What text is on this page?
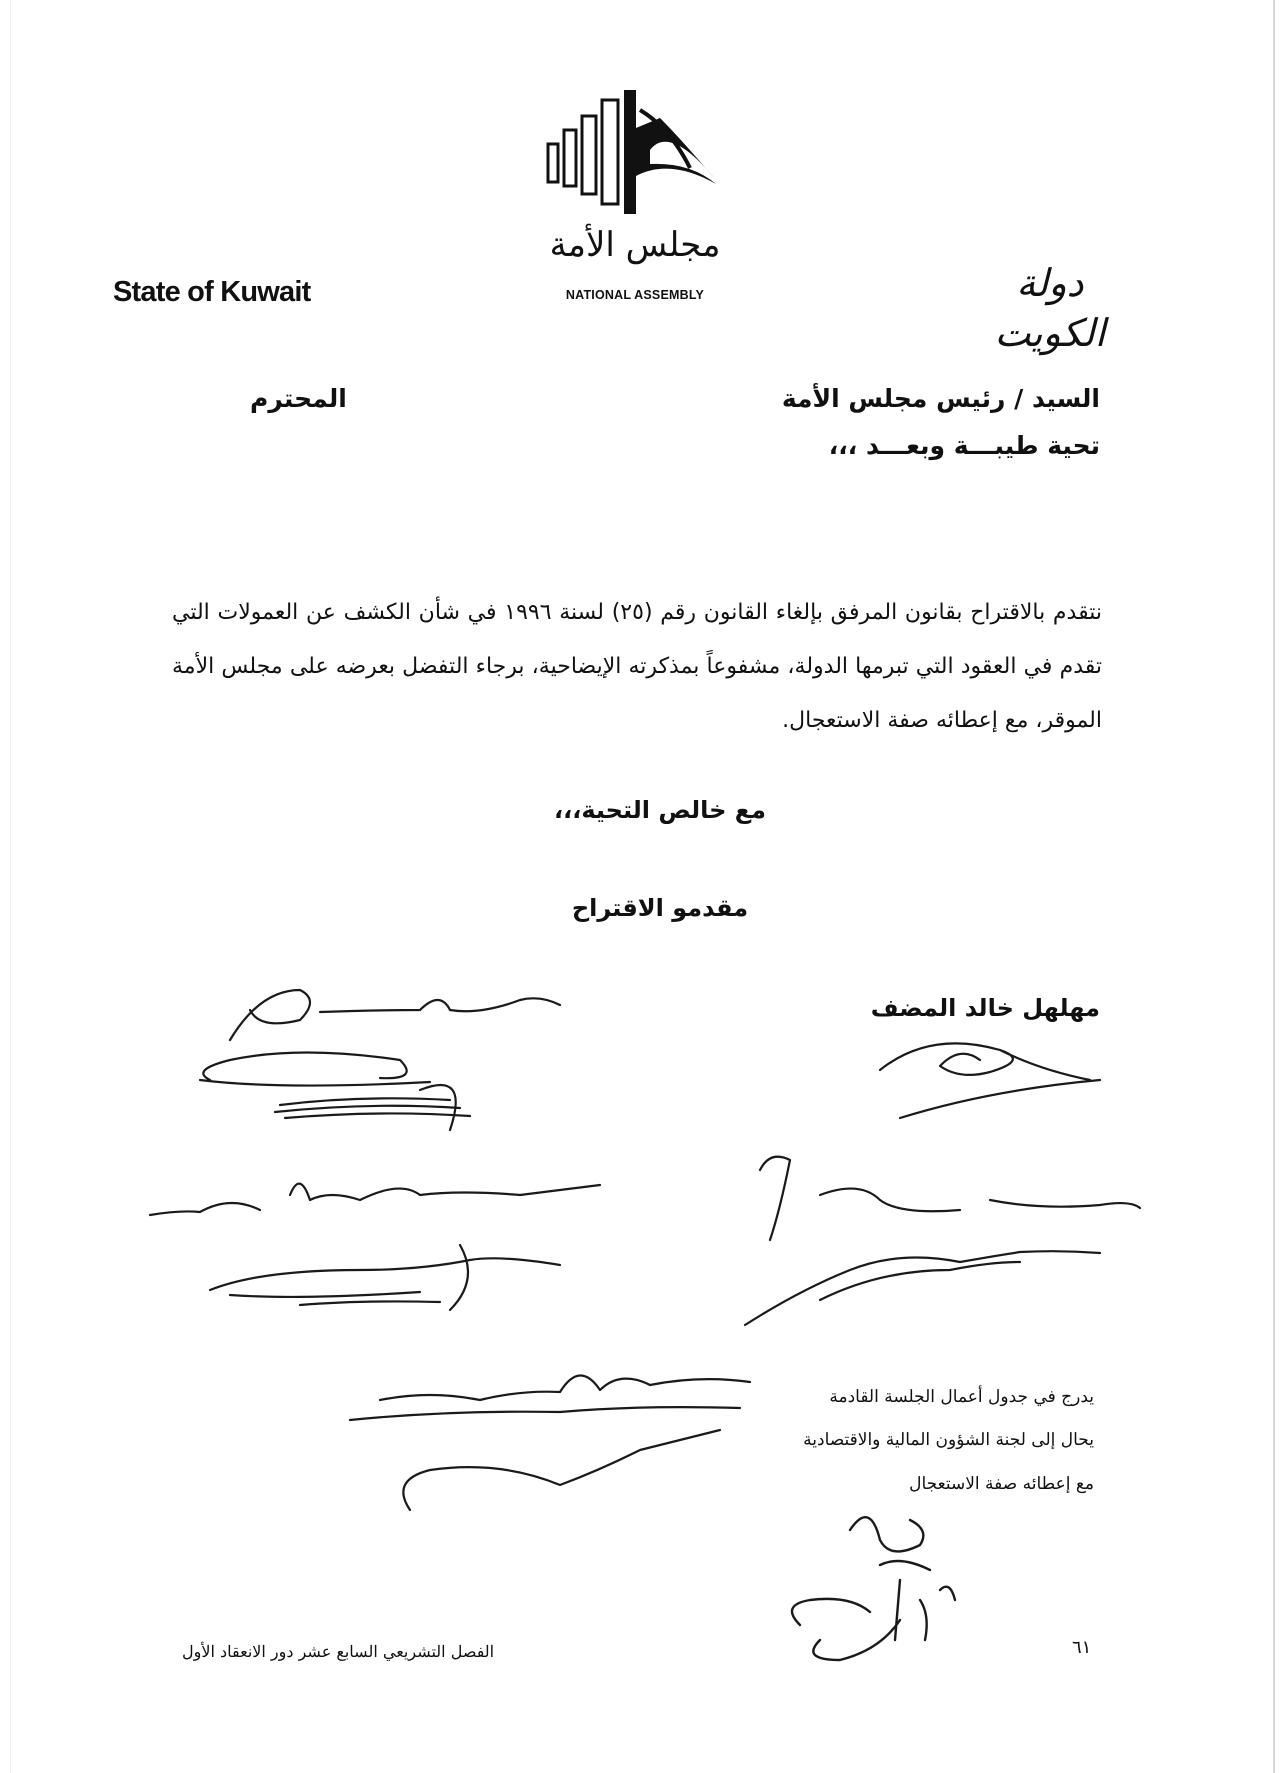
مجلس الأمة
NATIONAL ASSEMBLY
State of Kuwait	دولة الكويت
السيد / رئيس مجلس الأمة
تحية طيبـــة وبعـــد ،،،
المحترم
نتقدم بالاقتراح بقانون المرفق بإلغاء القانون رقم (٢٥) لسنة ١٩٩٦ في شأن الكشف عن العمولات التي تقدم في العقود التي تبرمها الدولة، مشفوعاً بمذكرته الإيضاحية، برجاء التفضل بعرضه على مجلس الأمة الموقر، مع إعطائه صفة الاستعجال.
مع خالص التحية،،،
مقدمو الاقتراح
مهلهل خالد المضف
يدرج في جدول أعمال الجلسة القادمة
يحال إلى لجنة الشؤون المالية والاقتصادية
مع إعطائه صفة الاستعجال
الفصل التشريعي السابع عشر دور الانعقاد الأول	٦١
